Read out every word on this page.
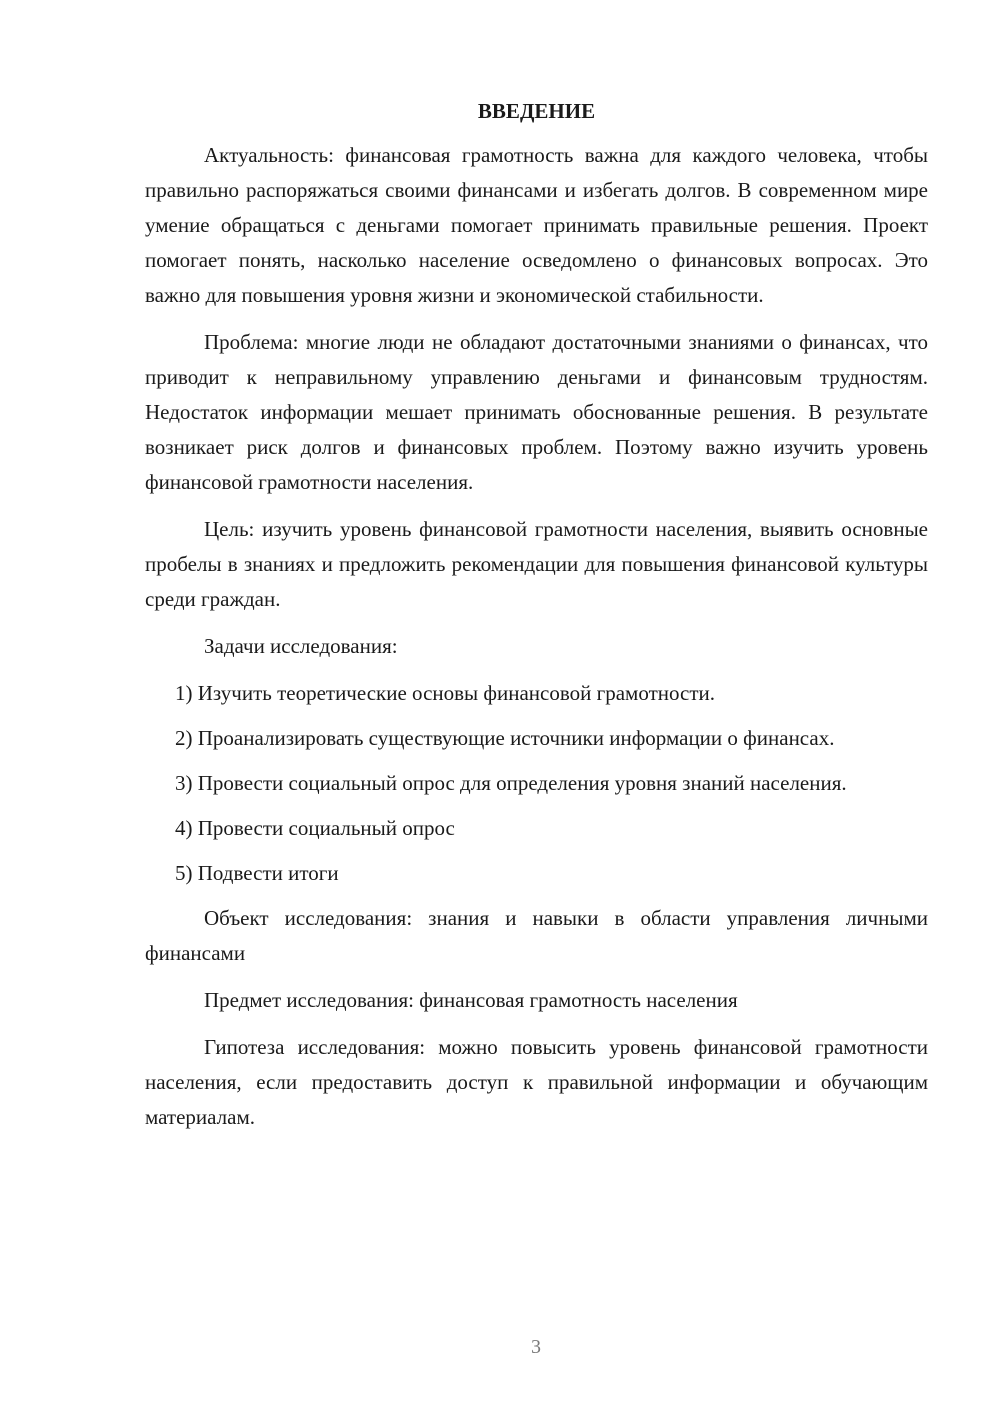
ВВЕДЕНИЕ

Актуальность: финансовая грамотность важна для каждого человека, чтобы правильно распоряжаться своими финансами и избегать долгов. В современном мире умение обращаться с деньгами помогает принимать правильные решения. Проект помогает понять, насколько население осведомлено о финансовых вопросах. Это важно для повышения уровня жизни и экономической стабильности.

Проблема: многие люди не обладают достаточными знаниями о финансах, что приводит к неправильному управлению деньгами и финансовым трудностям. Недостаток информации мешает принимать обоснованные решения. В результате возникает риск долгов и финансовых проблем. Поэтому важно изучить уровень финансовой грамотности населения.

Цель: изучить уровень финансовой грамотности населения, выявить основные пробелы в знаниях и предложить рекомендации для повышения финансовой культуры среди граждан.

Задачи исследования:

1) Изучить теоретические основы финансовой грамотности.

2) Проанализировать существующие источники информации о финансах.

3) Провести социальный опрос для определения уровня знаний населения.

4) Провести социальный опрос

5) Подвести итоги

Объект исследования: знания и навыки в области управления личными финансами

Предмет исследования: финансовая грамотность населения

Гипотеза исследования: можно повысить уровень финансовой грамотности населения, если предоставить доступ к правильной информации и обучающим материалам.

3
